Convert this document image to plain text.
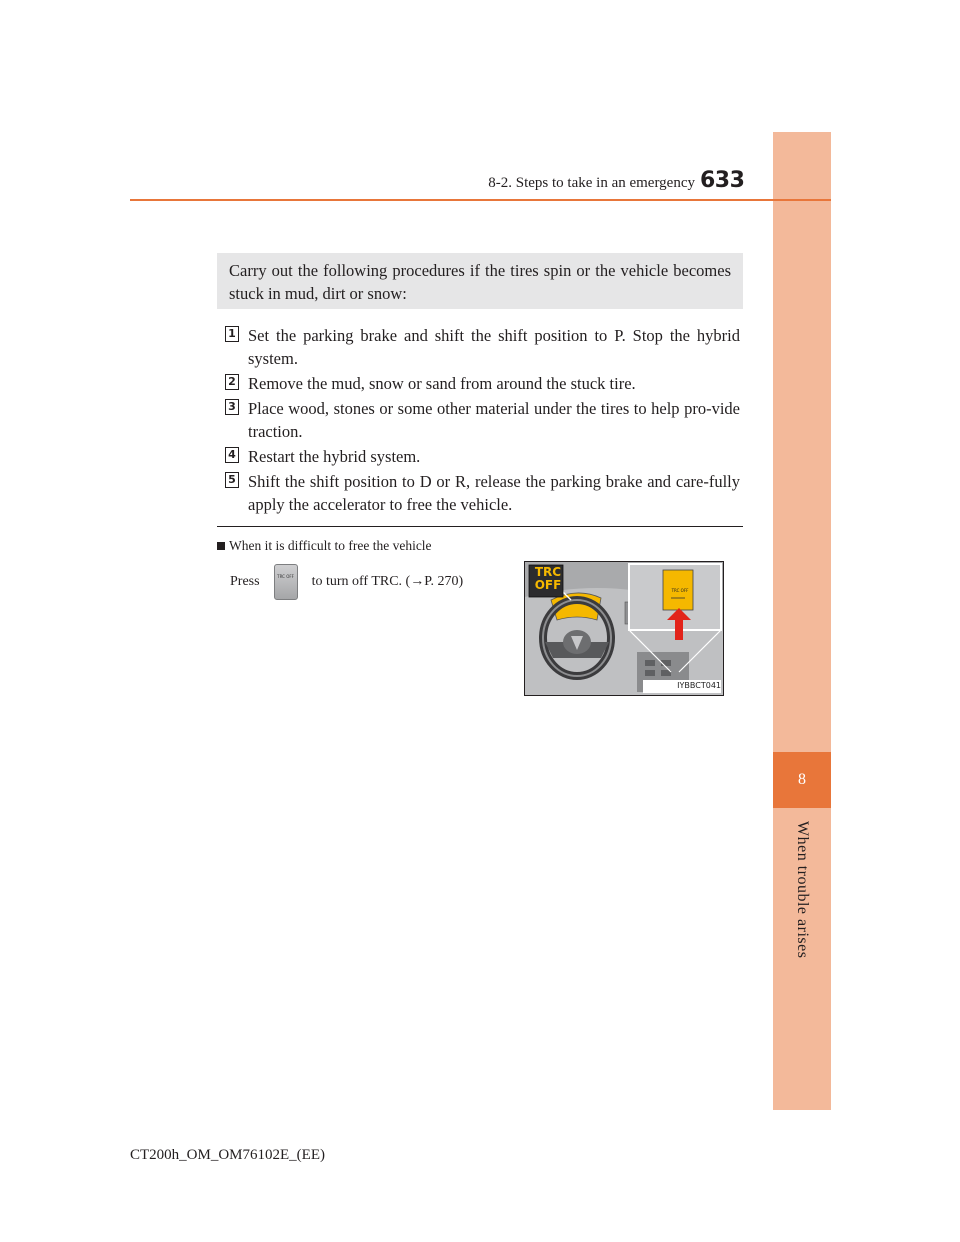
8
When trouble arises
8-2. Steps to take in an emergency 633
Carry out the following procedures if the tires spin or the vehicle becomes stuck in mud, dirt or snow:
1 Set the parking brake and shift the shift position to P. Stop the hybrid system.
2 Remove the mud, snow or sand from around the stuck tire.
3 Place wood, stones or some other material under the tires to help pro-vide traction.
4 Restart the hybrid system.
5 Shift the shift position to D or R, release the parking brake and care-fully apply the accelerator to free the vehicle.
When it is difficult to free the vehicle
Press	TRC OFF to turn off TRC. (→P. 270)
TRC
OFF	TRC OFF
IYBBCT041
CT200h_OM_OM76102E_(EE)
